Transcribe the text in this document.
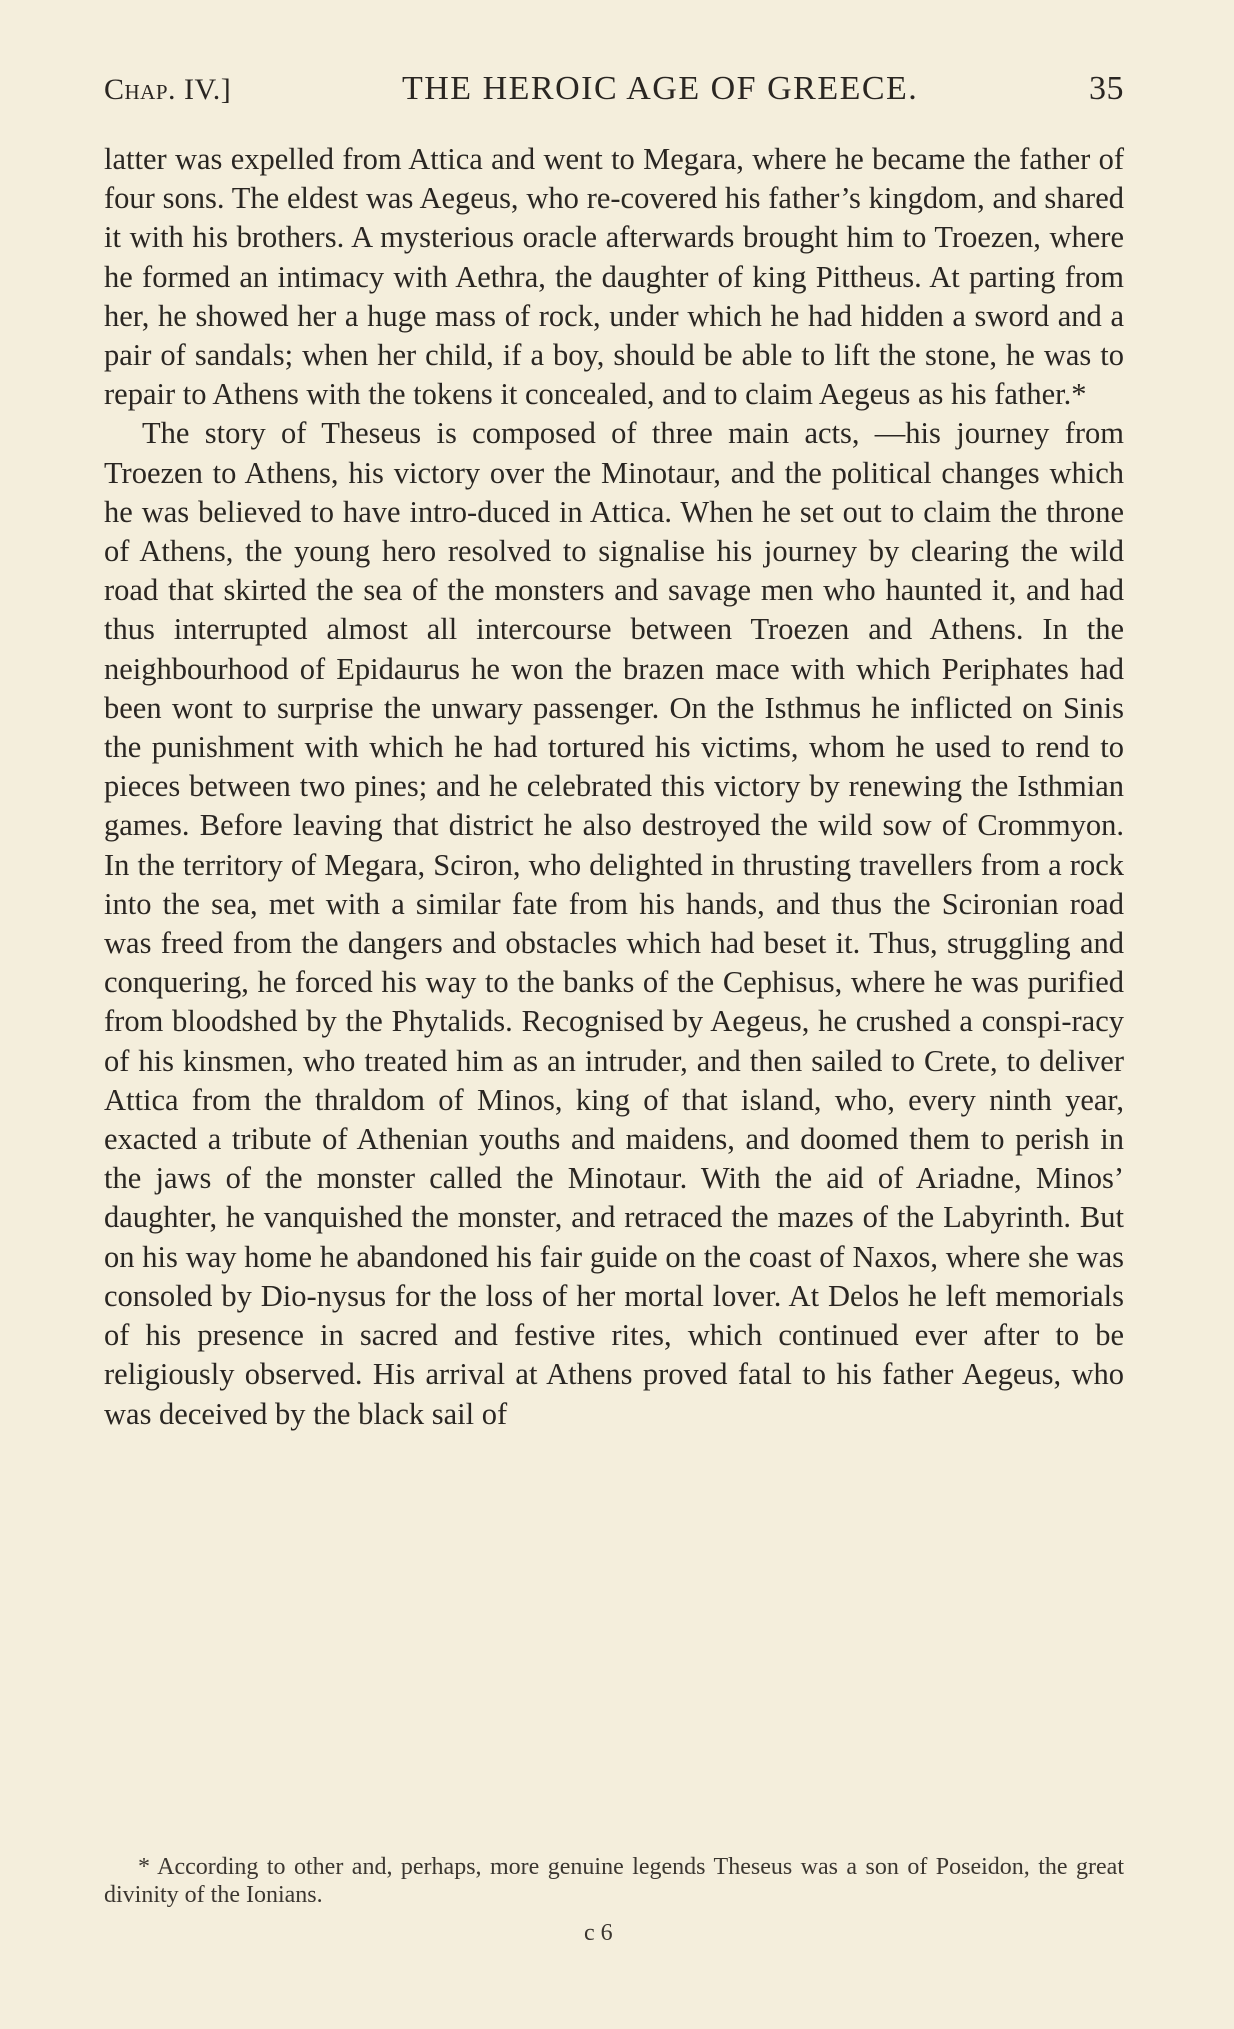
Chap. IV.]	THE HEROIC AGE OF GREECE.	35

latter was expelled from Attica and went to Megara, where he became the father of four sons. The eldest was Aegeus, who re-covered his father’s kingdom, and shared it with his brothers. A mysterious oracle afterwards brought him to Troezen, where he formed an intimacy with Aethra, the daughter of king Pittheus. At parting from her, he showed her a huge mass of rock, under which he had hidden a sword and a pair of sandals; when her child, if a boy, should be able to lift the stone, he was to repair to Athens with the tokens it concealed, and to claim Aegeus as his father.*

The story of Theseus is composed of three main acts, —his journey from Troezen to Athens, his victory over the Minotaur, and the political changes which he was believed to have intro-duced in Attica. When he set out to claim the throne of Athens, the young hero resolved to signalise his journey by clearing the wild road that skirted the sea of the monsters and savage men who haunted it, and had thus interrupted almost all intercourse between Troezen and Athens. In the neighbourhood of Epidaurus he won the brazen mace with which Periphates had been wont to surprise the unwary passenger. On the Isthmus he inflicted on Sinis the punishment with which he had tortured his victims, whom he used to rend to pieces between two pines; and he celebrated this victory by renewing the Isthmian games. Before leaving that district he also destroyed the wild sow of Crommyon. In the territory of Megara, Sciron, who delighted in thrusting travellers from a rock into the sea, met with a similar fate from his hands, and thus the Scironian road was freed from the dangers and obstacles which had beset it. Thus, struggling and conquering, he forced his way to the banks of the Cephisus, where he was purified from bloodshed by the Phytalids. Recognised by Aegeus, he crushed a conspi-racy of his kinsmen, who treated him as an intruder, and then sailed to Crete, to deliver Attica from the thraldom of Minos, king of that island, who, every ninth year, exacted a tribute of Athenian youths and maidens, and doomed them to perish in the jaws of the monster called the Minotaur. With the aid of Ariadne, Minos’ daughter, he vanquished the monster, and retraced the mazes of the Labyrinth. But on his way home he abandoned his fair guide on the coast of Naxos, where she was consoled by Dio-nysus for the loss of her mortal lover. At Delos he left memorials of his presence in sacred and festive rites, which continued ever after to be religiously observed. His arrival at Athens proved fatal to his father Aegeus, who was deceived by the black sail of

* According to other and, perhaps, more genuine legends Theseus was a son of Poseidon, the great divinity of the Ionians.

c 6
